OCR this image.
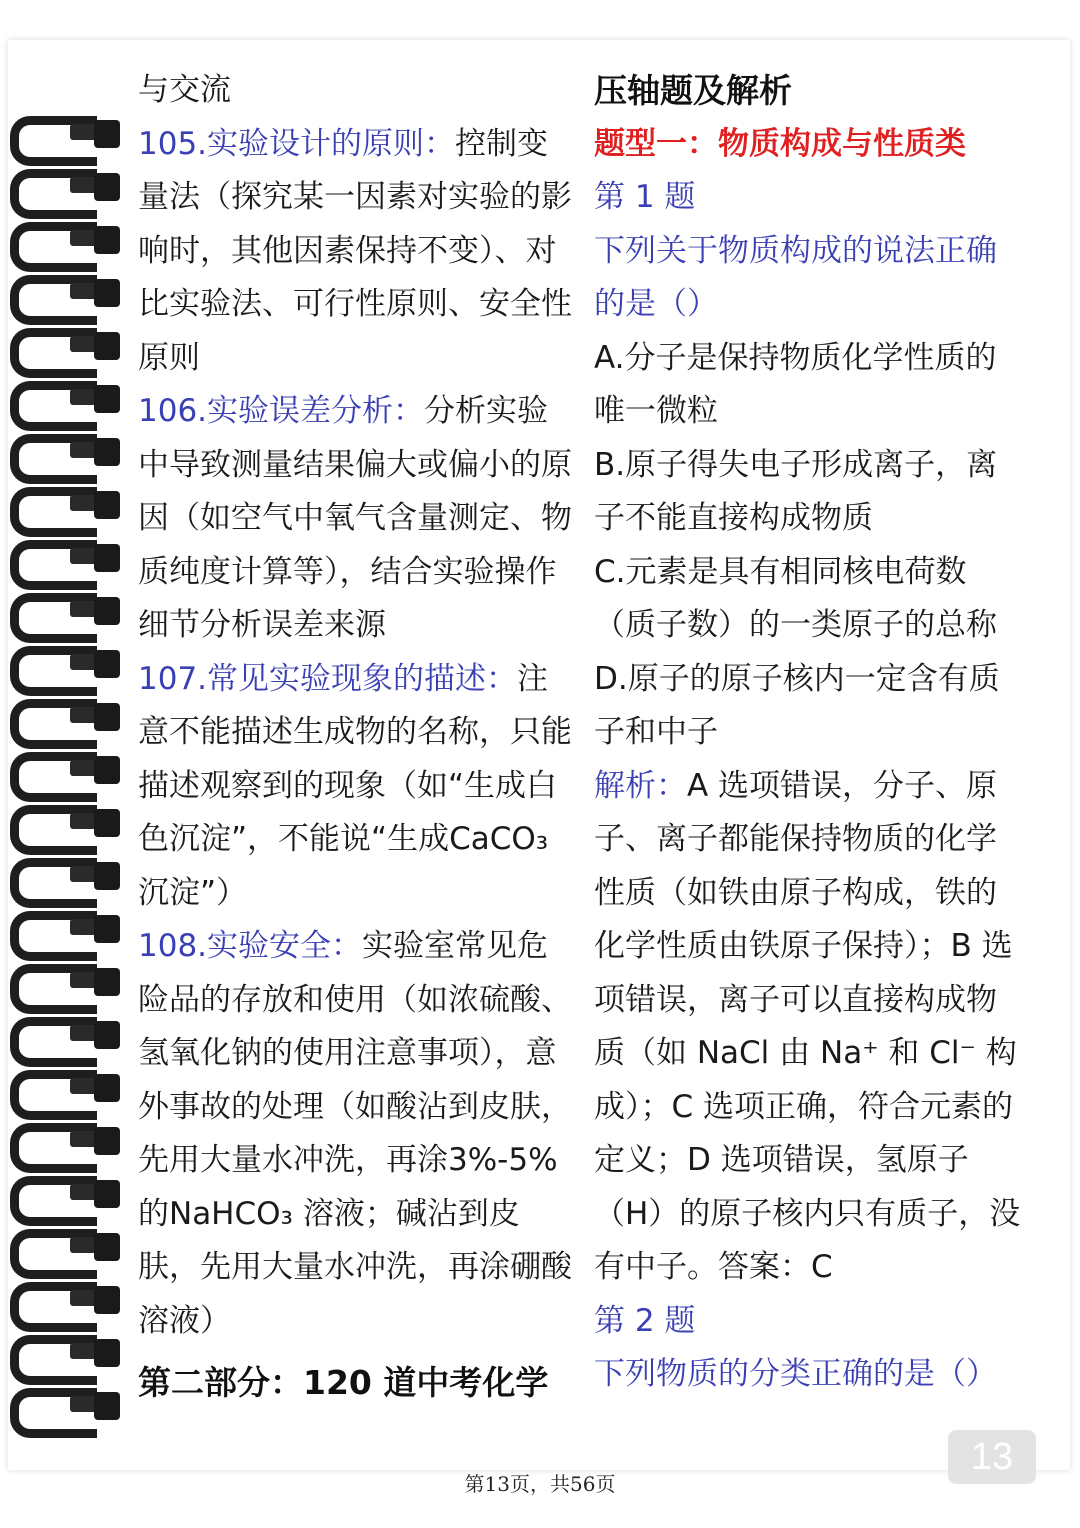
与交流

105.实验设计的原则：控制变量法（探究某一因素对实验的影响时，其他因素保持不变）、对比实验法、可行性原则、安全性原则

106.实验误差分析：分析实验中导致测量结果偏大或偏小的原因（如空气中氧气含量测定、物质纯度计算等），结合实验操作细节分析误差来源

107.常见实验现象的描述：注意不能描述生成物的名称，只能描述观察到的现象（如“生成白色沉淀”，不能说“生成CaCO₃ 沉淀”）

108.实验安全：实验室常见危险品的存放和使用（如浓硫酸、氢氧化钠的使用注意事项），意外事故的处理（如酸沾到皮肤，先用大量水冲洗，再涂3%-5%的NaHCO₃ 溶液；碱沾到皮肤，先用大量水冲洗，再涂硼酸溶液）

第二部分：120 道中考化学

压轴题及解析

题型一：物质构成与性质类

第 1 题

下列关于物质构成的说法正确的是（）

A.分子是保持物质化学性质的唯一微粒

B.原子得失电子形成离子，离子不能直接构成物质

C.元素是具有相同核电荷数（质子数）的一类原子的总称

D.原子的原子核内一定含有质子和中子

解析：A 选项错误，分子、原子、离子都能保持物质的化学性质（如铁由原子构成，铁的化学性质由铁原子保持）；B 选项错误，离子可以直接构成物质（如 NaCl 由 Na⁺ 和 Cl⁻ 构成）；C 选项正确，符合元素的定义；D 选项错误，氢原子（H）的原子核内只有质子，没有中子。答案：C

第 2 题

下列物质的分类正确的是（）

13
第13页，共56页
